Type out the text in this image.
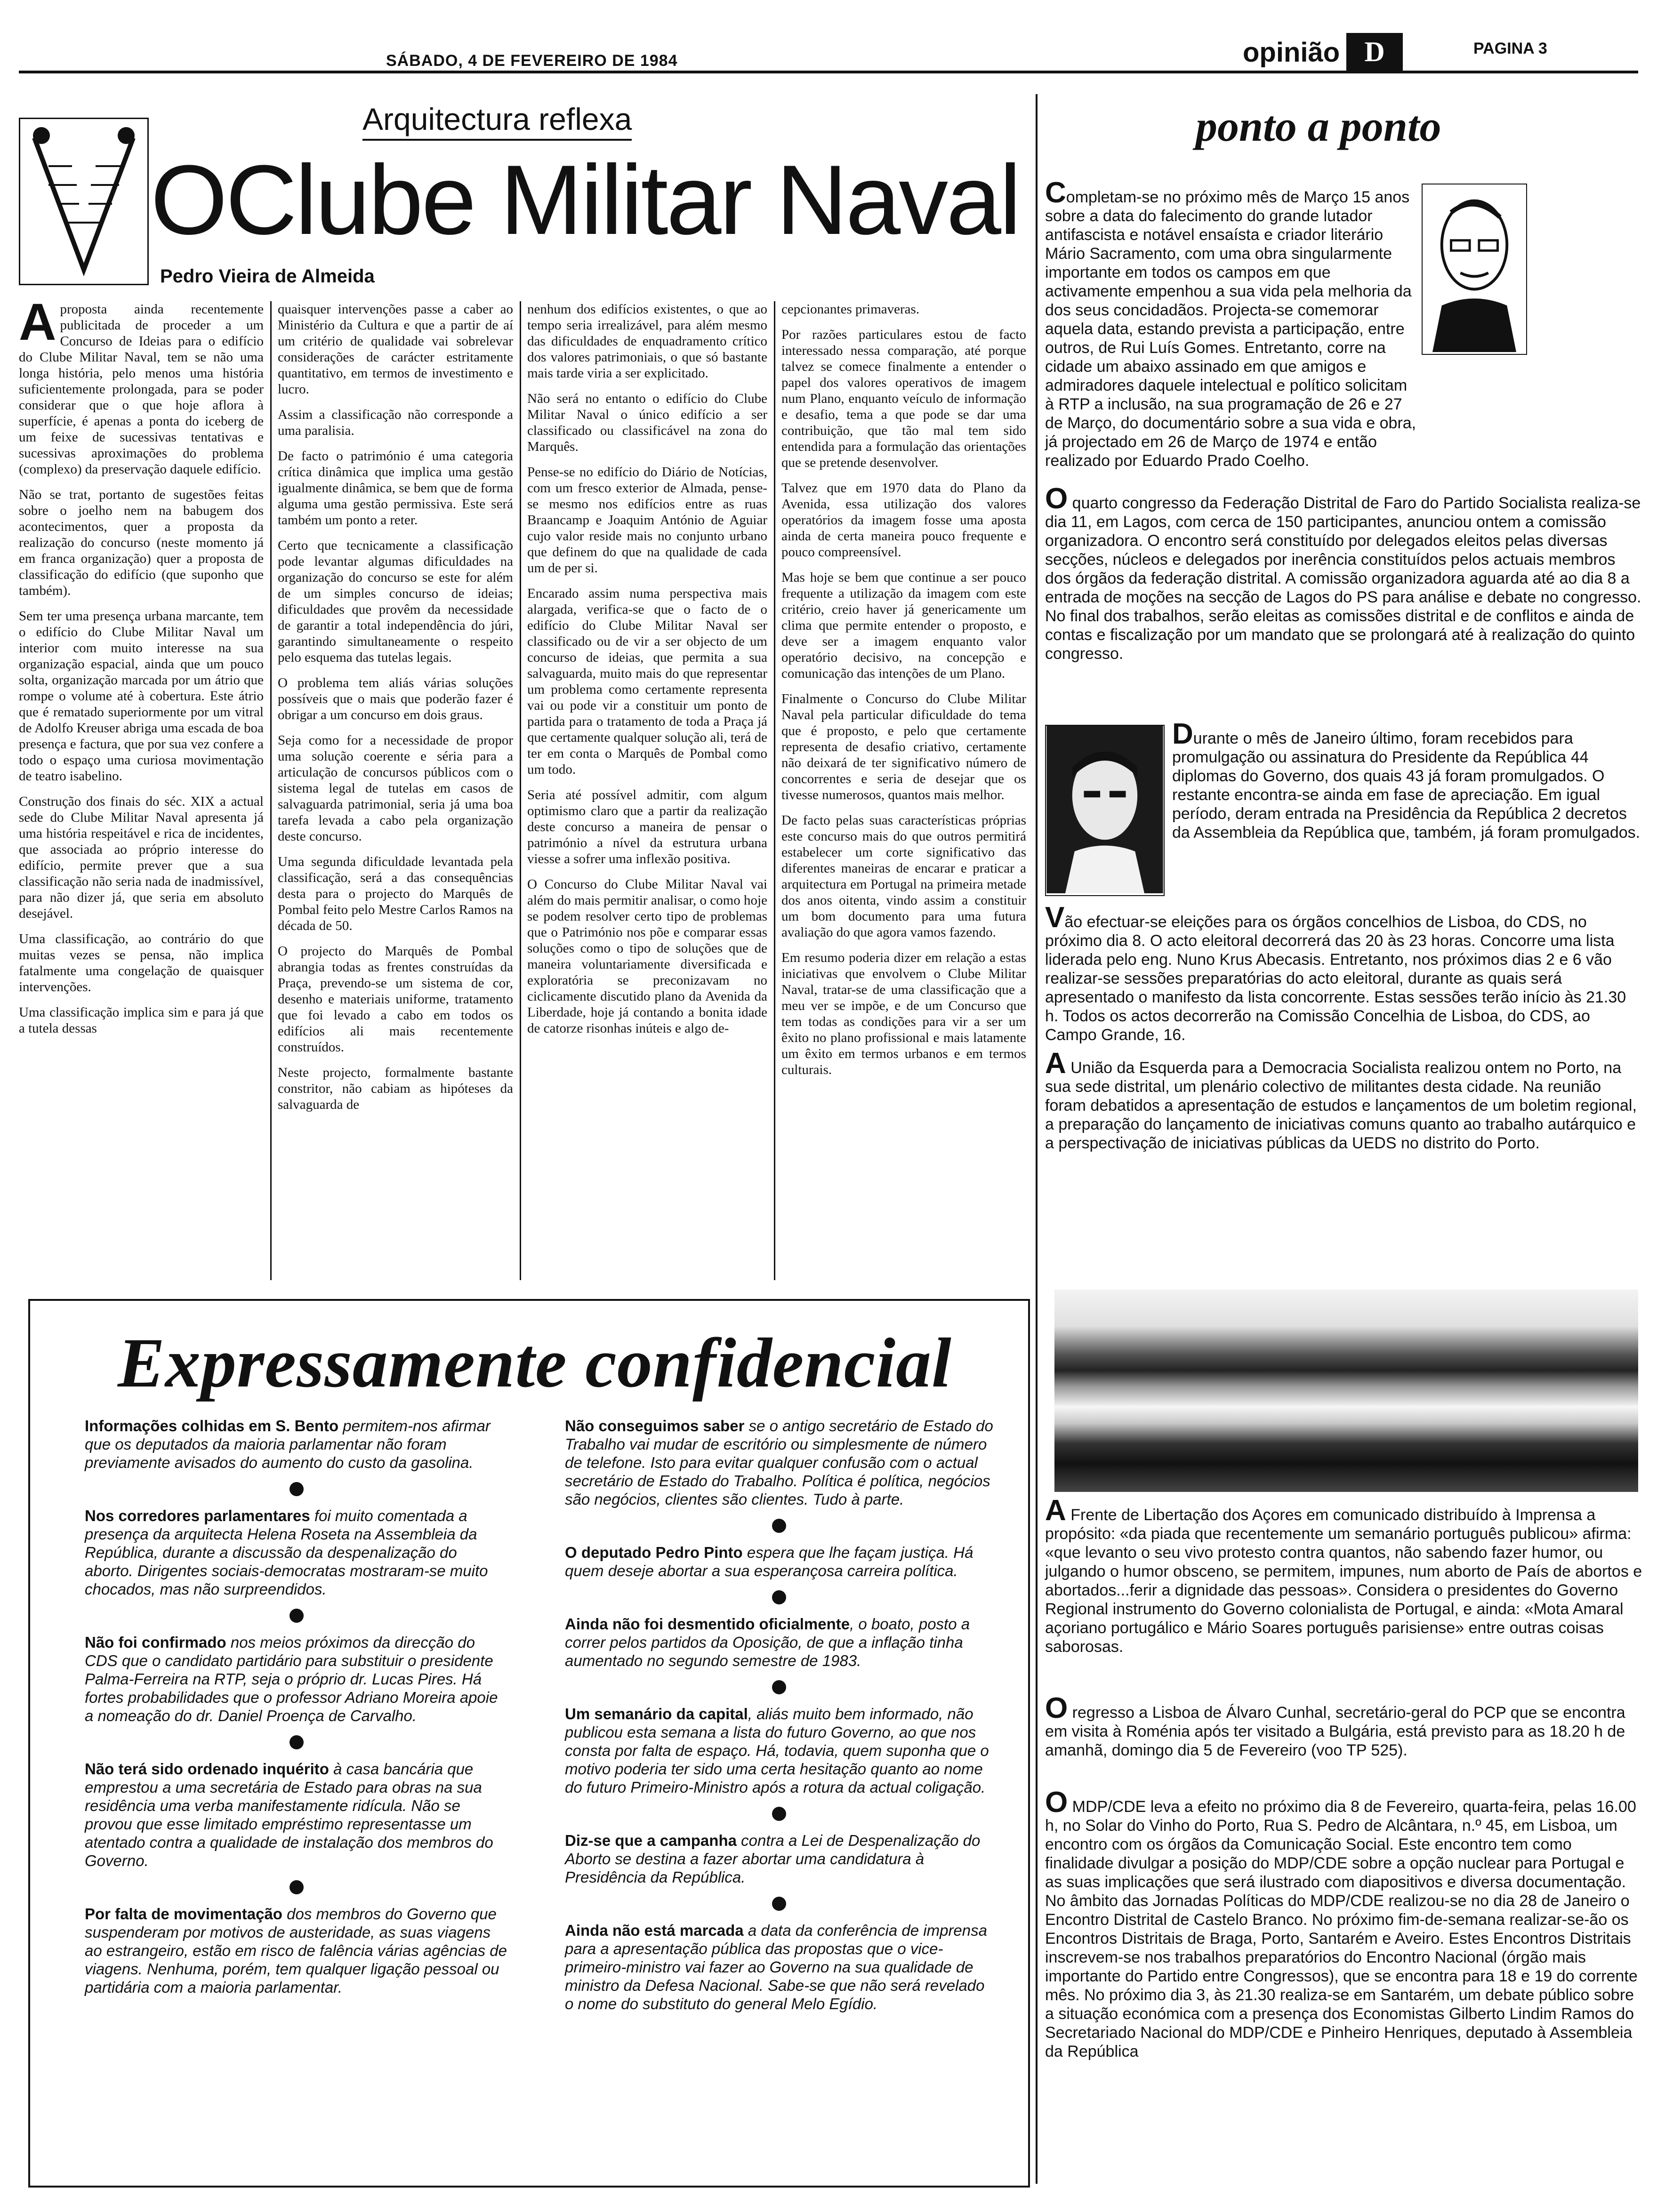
SÁBADO, 4 DE FEVEREIRO DE 1984	opinião D	PAGINA 3
Arquitectura reflexa
OClube Militar Naval
Pedro Vieira de Almeida

Aproposta ainda recentemente publicitada de proceder a um Concurso de Ideias para o edifício do Clube Militar Naval, tem se não uma longa história, pelo menos uma história suficientemente prolongada, para se poder considerar que o que hoje aflora à superfície, é apenas a ponta do iceberg de um feixe de sucessivas tentativas e sucessivas aproximações do problema (complexo) da preservação daquele edifício.

Não se trat, portanto de sugestões feitas sobre o joelho nem na babugem dos acontecimentos, quer a proposta da realização do concurso (neste momento já em franca organização) quer a proposta de classificação do edifício (que suponho que também).

Sem ter uma presença urbana marcante, tem o edifício do Clube Militar Naval um interior com muito interesse na sua organização espacial, ainda que um pouco solta, organização marcada por um átrio que rompe o volume até à cobertura. Este átrio que é rematado superiormente por um vitral de Adolfo Kreuser abriga uma escada de boa presença e factura, que por sua vez confere a todo o espaço uma curiosa movimentação de teatro isabelino.

Construção dos finais do séc. XIX a actual sede do Clube Militar Naval apresenta já uma história respeitável e rica de incidentes, que associada ao próprio interesse do edifício, permite prever que a sua classificação não seria nada de inadmissível, para não dizer já, que seria em absoluto desejável.

Uma classificação, ao contrário do que muitas vezes se pensa, não implica fatalmente uma congelação de quaisquer intervenções.

Uma classificação implica sim e para já que a tutela dessas

quaisquer intervenções passe a caber ao Ministério da Cultura e que a partir de aí um critério de qualidade vai sobrelevar considerações de carácter estritamente quantitativo, em termos de investimento e lucro.

Assim a classificação não corresponde a uma paralisia.

De facto o património é uma categoria crítica dinâmica que implica uma gestão igualmente dinâmica, se bem que de forma alguma uma gestão permissiva. Este será também um ponto a reter.

Certo que tecnicamente a classificação pode levantar algumas dificuldades na organização do concurso se este for além de um simples concurso de ideias; dificuldades que provêm da necessidade de garantir a total independência do júri, garantindo simultaneamente o respeito pelo esquema das tutelas legais.

O problema tem aliás várias soluções possíveis que o mais que poderão fazer é obrigar a um concurso em dois graus.

Seja como for a necessidade de propor uma solução coerente e séria para a articulação de concursos públicos com o sistema legal de tutelas em casos de salvaguarda patrimonial, seria já uma boa tarefa levada a cabo pela organização deste concurso.

Uma segunda dificuldade levantada pela classificação, será a das consequências desta para o projecto do Marquês de Pombal feito pelo Mestre Carlos Ramos na década de 50.

O projecto do Marquês de Pombal abrangia todas as frentes construídas da Praça, prevendo-se um sistema de cor, desenho e materiais uniforme, tratamento que foi levado a cabo em todos os edifícios ali mais recentemente construídos.

Neste projecto, formalmente bastante constritor, não cabiam as hipóteses da salvaguarda de

nenhum dos edifícios existentes, o que ao tempo seria irrealizável, para além mesmo das dificuldades de enquadramento crítico dos valores patrimoniais, o que só bastante mais tarde viria a ser explicitado.

Não será no entanto o edifício do Clube Militar Naval o único edifício a ser classificado ou classificável na zona do Marquês.

Pense-se no edifício do Diário de Notícias, com um fresco exterior de Almada, pense-se mesmo nos edifícios entre as ruas Braancamp e Joaquim António de Aguiar cujo valor reside mais no conjunto urbano que definem do que na qualidade de cada um de per si.

Encarado assim numa perspectiva mais alargada, verifica-se que o facto de o edifício do Clube Militar Naval ser classificado ou de vir a ser objecto de um concurso de ideias, que permita a sua salvaguarda, muito mais do que representar um problema como certamente representa vai ou pode vir a constituir um ponto de partida para o tratamento de toda a Praça já que certamente qualquer solução ali, terá de ter em conta o Marquês de Pombal como um todo.

Seria até possível admitir, com algum optimismo claro que a partir da realização deste concurso a maneira de pensar o património a nível da estrutura urbana viesse a sofrer uma inflexão positiva.

O Concurso do Clube Militar Naval vai além do mais permitir analisar, o como hoje se podem resolver certo tipo de problemas que o Património nos põe e comparar essas soluções como o tipo de soluções que de maneira voluntariamente diversificada e exploratória se preconizavam no ciclicamente discutido plano da Avenida da Liberdade, hoje já contando a bonita idade de catorze risonhas inúteis e algo de-

cepcionantes primaveras.

Por razões particulares estou de facto interessado nessa comparação, até porque talvez se comece finalmente a entender o papel dos valores operativos de imagem num Plano, enquanto veículo de informação e desafio, tema a que pode se dar uma contribuição, que tão mal tem sido entendida para a formulação das orientações que se pretende desenvolver.

Talvez que em 1970 data do Plano da Avenida, essa utilização dos valores operatórios da imagem fosse uma aposta ainda de certa maneira pouco frequente e pouco compreensível.

Mas hoje se bem que continue a ser pouco frequente a utilização da imagem com este critério, creio haver já genericamente um clima que permite entender o proposto, e deve ser a imagem enquanto valor operatório decisivo, na concepção e comunicação das intenções de um Plano.

Finalmente o Concurso do Clube Militar Naval pela particular dificuldade do tema que é proposto, e pelo que certamente representa de desafio criativo, certamente não deixará de ter significativo número de concorrentes e seria de desejar que os tivesse numerosos, quantos mais melhor.

De facto pelas suas características próprias este concurso mais do que outros permitirá estabelecer um corte significativo das diferentes maneiras de encarar e praticar a arquitectura em Portugal na primeira metade dos anos oitenta, vindo assim a constituir um bom documento para uma futura avaliação do que agora vamos fazendo.

Em resumo poderia dizer em relação a estas iniciativas que envolvem o Clube Militar Naval, tratar-se de uma classificação que a meu ver se impõe, e de um Concurso que tem todas as condições para vir a ser um êxito no plano profissional e mais latamente um êxito em termos urbanos e em termos culturais.

ponto a ponto

Completam-se no próximo mês de Março 15 anos sobre a data do falecimento do grande lutador antifascista e notável ensaísta e criador literário Mário Sacramento, com uma obra singularmente importante em todos os campos em que activamente empenhou a sua vida pela melhoria da dos seus concidadãos. Projecta-se comemorar aquela data, estando prevista a participação, entre outros, de Rui Luís Gomes. Entretanto, corre na cidade um abaixo assinado em que amigos e admiradores daquele intelectual e político solicitam à RTP a inclusão, na sua programação de 26 e 27 de Março, do documentário sobre a sua vida e obra, já projectado em 26 de Março de 1974 e então realizado por Eduardo Prado Coelho.

O quarto congresso da Federação Distrital de Faro do Partido Socialista realiza-se dia 11, em Lagos, com cerca de 150 participantes, anunciou ontem a comissão organizadora. O encontro será constituído por delegados eleitos pelas diversas secções, núcleos e delegados por inerência constituídos pelos actuais membros dos órgãos da federação distrital. A comissão organizadora aguarda até ao dia 8 a entrada de moções na secção de Lagos do PS para análise e debate no congresso. No final dos trabalhos, serão eleitas as comissões distrital e de conflitos e ainda de contas e fiscalização por um mandato que se prolongará até à realização do quinto congresso.

Durante o mês de Janeiro último, foram recebidos para promulgação ou assinatura do Presidente da República 44 diplomas do Governo, dos quais 43 já foram promulgados. O restante encontra-se ainda em fase de apreciação. Em igual período, deram entrada na Presidência da República 2 decretos da Assembleia da República que, também, já foram promulgados.

Vão efectuar-se eleições para os órgãos concelhios de Lisboa, do CDS, no próximo dia 8. O acto eleitoral decorrerá das 20 às 23 horas. Concorre uma lista liderada pelo eng. Nuno Krus Abecasis. Entretanto, nos próximos dias 2 e 6 vão realizar-se sessões preparatórias do acto eleitoral, durante as quais será apresentado o manifesto da lista concorrente. Estas sessões terão início às 21.30 h. Todos os actos decorrerão na Comissão Concelhia de Lisboa, do CDS, ao Campo Grande, 16.

A União da Esquerda para a Democracia Socialista realizou ontem no Porto, na sua sede distrital, um plenário colectivo de militantes desta cidade. Na reunião foram debatidos a apresentação de estudos e lançamentos de um boletim regional, a preparação do lançamento de iniciativas comuns quanto ao trabalho autárquico e a perspectivação de iniciativas públicas da UEDS no distrito do Porto.

A Frente de Libertação dos Açores em comunicado distribuído à Imprensa a propósito: «da piada que recentemente um semanário português publicou» afirma: «que levanto o seu vivo protesto contra quantos, não sabendo fazer humor, ou julgando o humor obsceno, se permitem, impunes, num aborto de País de abortos e abortados...ferir a dignidade das pessoas». Considera o presidentes do Governo Regional instrumento do Governo colonialista de Portugal, e ainda: «Mota Amaral açoriano portugálico e Mário Soares português parisiense» entre outras coisas saborosas.

O regresso a Lisboa de Álvaro Cunhal, secretário-geral do PCP que se encontra em visita à Roménia após ter visitado a Bulgária, está previsto para as 18.20 h de amanhã, domingo dia 5 de Fevereiro (voo TP 525).

O MDP/CDE leva a efeito no próximo dia 8 de Fevereiro, quarta-feira, pelas 16.00 h, no Solar do Vinho do Porto, Rua S. Pedro de Alcântara, n.º 45, em Lisboa, um encontro com os órgãos da Comunicação Social. Este encontro tem como finalidade divulgar a posição do MDP/CDE sobre a opção nuclear para Portugal e as suas implicações que será ilustrado com diapositivos e diversa documentação. No âmbito das Jornadas Políticas do MDP/CDE realizou-se no dia 28 de Janeiro o Encontro Distrital de Castelo Branco. No próximo fim-de-semana realizar-se-ão os Encontros Distritais de Braga, Porto, Santarém e Aveiro. Estes Encontros Distritais inscrevem-se nos trabalhos preparatórios do Encontro Nacional (órgão mais importante do Partido entre Congressos), que se encontra para 18 e 19 do corrente mês. No próximo dia 3, às 21.30 realiza-se em Santarém, um debate público sobre a situação económica com a presença dos Economistas Gilberto Lindim Ramos do Secretariado Nacional do MDP/CDE e Pinheiro Henriques, deputado à Assembleia da República

Expressamente confidencial

Informações colhidas em S. Bento permitem-nos afirmar que os deputados da maioria parlamentar não foram previamente avisados do aumento do custo da gasolina.

Nos corredores parlamentares foi muito comentada a presença da arquitecta Helena Roseta na Assembleia da República, durante a discussão da despenalização do aborto. Dirigentes sociais-democratas mostraram-se muito chocados, mas não surpreendidos.

Não foi confirmado nos meios próximos da direcção do CDS que o candidato partidário para substituir o presidente Palma-Ferreira na RTP, seja o próprio dr. Lucas Pires. Há fortes probabilidades que o professor Adriano Moreira apoie a nomeação do dr. Daniel Proença de Carvalho.

Não terá sido ordenado inquérito à casa bancária que emprestou a uma secretária de Estado para obras na sua residência uma verba manifestamente ridícula. Não se provou que esse limitado empréstimo representasse um atentado contra a qualidade de instalação dos membros do Governo.

Por falta de movimentação dos membros do Governo que suspenderam por motivos de austeridade, as suas viagens ao estrangeiro, estão em risco de falência várias agências de viagens. Nenhuma, porém, tem qualquer ligação pessoal ou partidária com a maioria parlamentar.

Não conseguimos saber se o antigo secretário de Estado do Trabalho vai mudar de escritório ou simplesmente de número de telefone. Isto para evitar qualquer confusão com o actual secretário de Estado do Trabalho. Política é política, negócios são negócios, clientes são clientes. Tudo à parte.

O deputado Pedro Pinto espera que lhe façam justiça. Há quem deseje abortar a sua esperançosa carreira política.

Ainda não foi desmentido oficialmente, o boato, posto a correr pelos partidos da Oposição, de que a inflação tinha aumentado no segundo semestre de 1983.

Um semanário da capital, aliás muito bem informado, não publicou esta semana a lista do futuro Governo, ao que nos consta por falta de espaço. Há, todavia, quem suponha que o motivo poderia ter sido uma certa hesitação quanto ao nome do futuro Primeiro-Ministro após a rotura da actual coligação.

Diz-se que a campanha contra a Lei de Despenalização do Aborto se destina a fazer abortar uma candidatura à Presidência da República.

Ainda não está marcada a data da conferência de imprensa para a apresentação pública das propostas que o vice-primeiro-ministro vai fazer ao Governo na sua qualidade de ministro da Defesa Nacional. Sabe-se que não será revelado o nome do substituto do general Melo Egídio.
